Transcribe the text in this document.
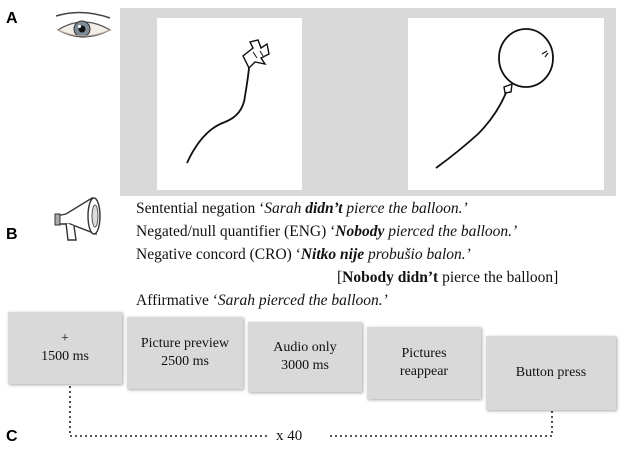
A
B
C
Sentential negation ‘Sarah didn’t pierce the balloon.’
Negated/null quantifier (ENG) ‘Nobody pierced the balloon.’
Negative concord (CRO) ‘Nitko nije probušio balon.’
[Nobody didn’t pierce the balloon]
Affirmative ‘Sarah pierced the balloon.’
+
1500 ms
Picture preview
2500 ms
Audio only
3000 ms
Pictures
reappear	Button press
x 40
